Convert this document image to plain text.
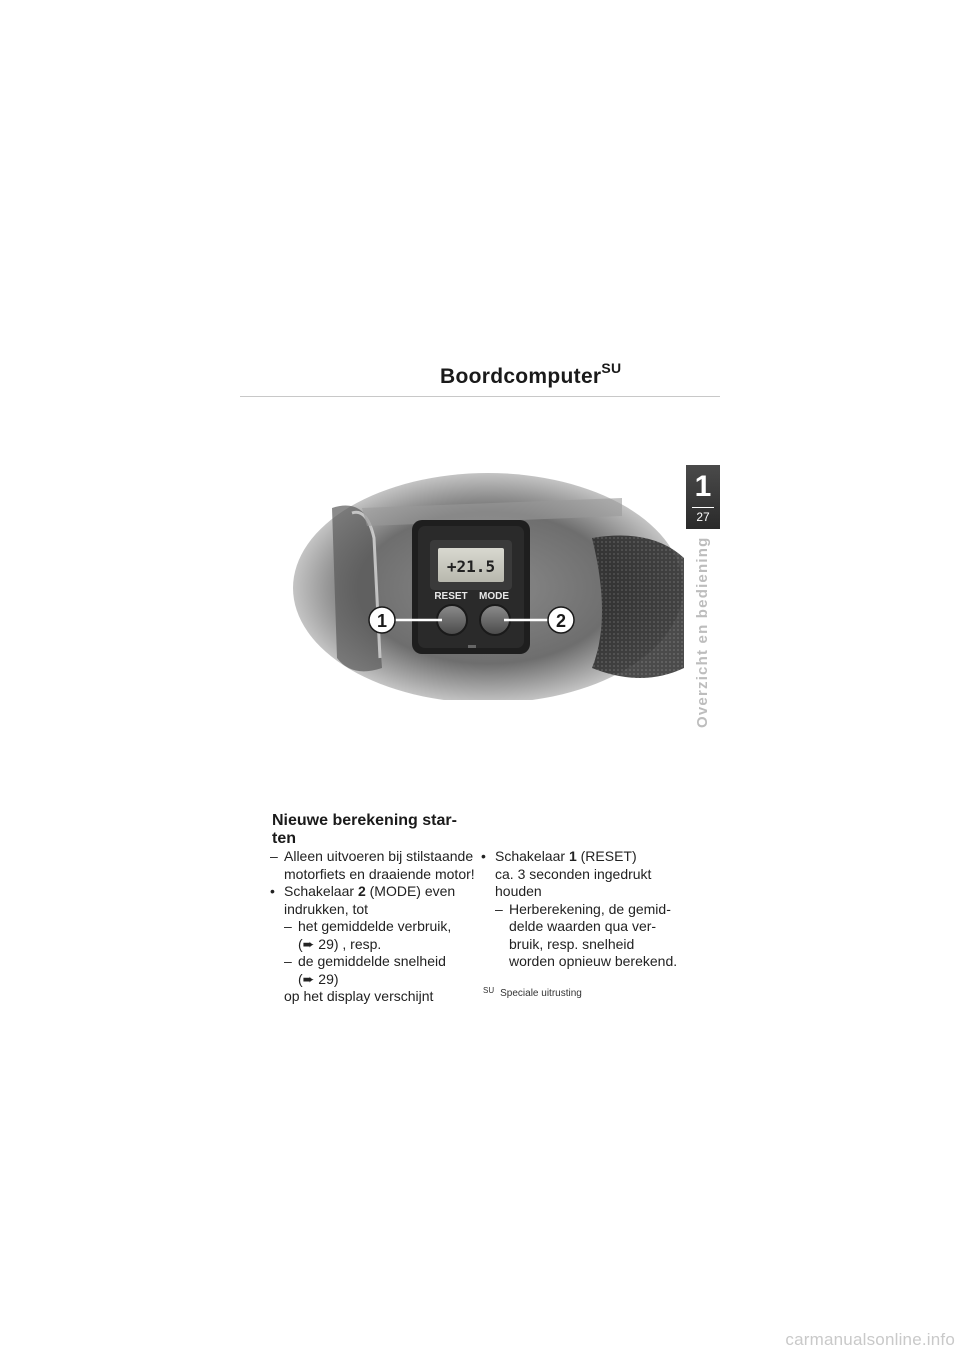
Boordcomputer$^{SU}$
1
27
Overzicht en bediening
+21.5
RESET MODE
1	2
Nieuwe berekening star-
ten
– Alleen uitvoeren bij stilstaande motorfiets en draaiende motor!
• Schakelaar 2 (MODE) even indrukken, tot
– het gemiddelde verbruik,
(➨ 29) , resp.
– de gemiddelde snelheid
(➨ 29)
op het display verschijnt
• Schakelaar 1 (RESET)
ca. 3 seconden ingedrukt
houden
– Herberekening, de gemid-
delde waarden qua ver-
bruik, resp. snelheid
worden opnieuw berekend.
$^{SU}$ Speciale uitrusting
carmanualsonline.info
